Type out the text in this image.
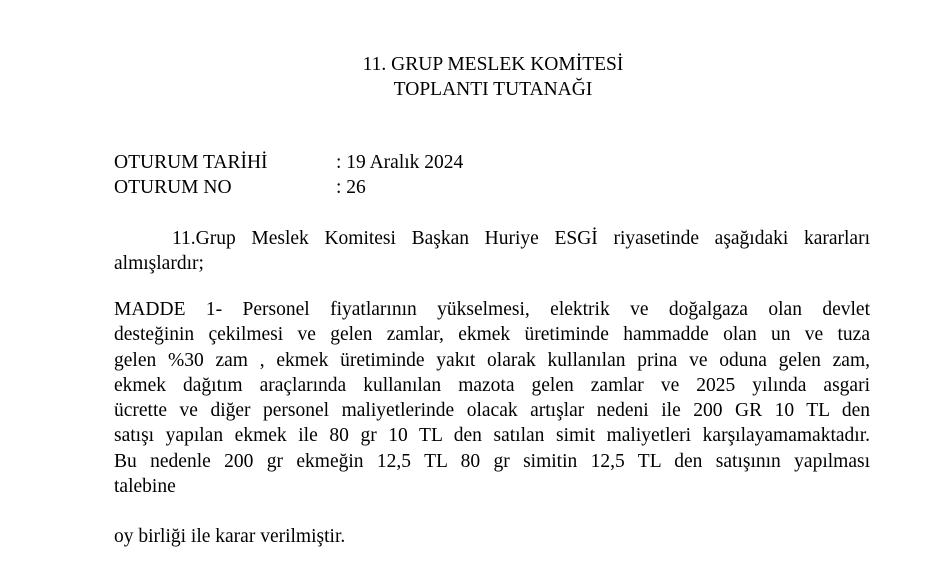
11. GRUP MESLEK KOMİTESİ
TOPLANTI TUTANAĞI
OTURUM TARİHİ	: 19 Aralık 2024
OTURUM NO	: 26

11.Grup Meslek Komitesi Başkan Huriye ESGİ riyasetinde aşağıdaki kararları almışlardır;

MADDE 1- Personel fiyatlarının yükselmesi, elektrik ve doğalgaza olan devlet
desteğinin çekilmesi ve gelen zamlar, ekmek üretiminde hammadde olan un ve tuza
gelen %30 zam , ekmek üretiminde yakıt olarak kullanılan prina ve oduna gelen zam,
ekmek dağıtım araçlarında kullanılan mazota gelen zamlar ve 2025 yılında asgari
ücrette ve diğer personel maliyetlerinde olacak artışlar nedeni ile 200 GR 10 TL den
satışı yapılan ekmek ile 80 gr 10 TL den satılan simit maliyetleri karşılayamamaktadır.
Bu nedenle 200 gr ekmeğin 12,5 TL 80 gr simitin 12,5 TL den satışının yapılması
talebine

oy birliği ile karar verilmiştir.
